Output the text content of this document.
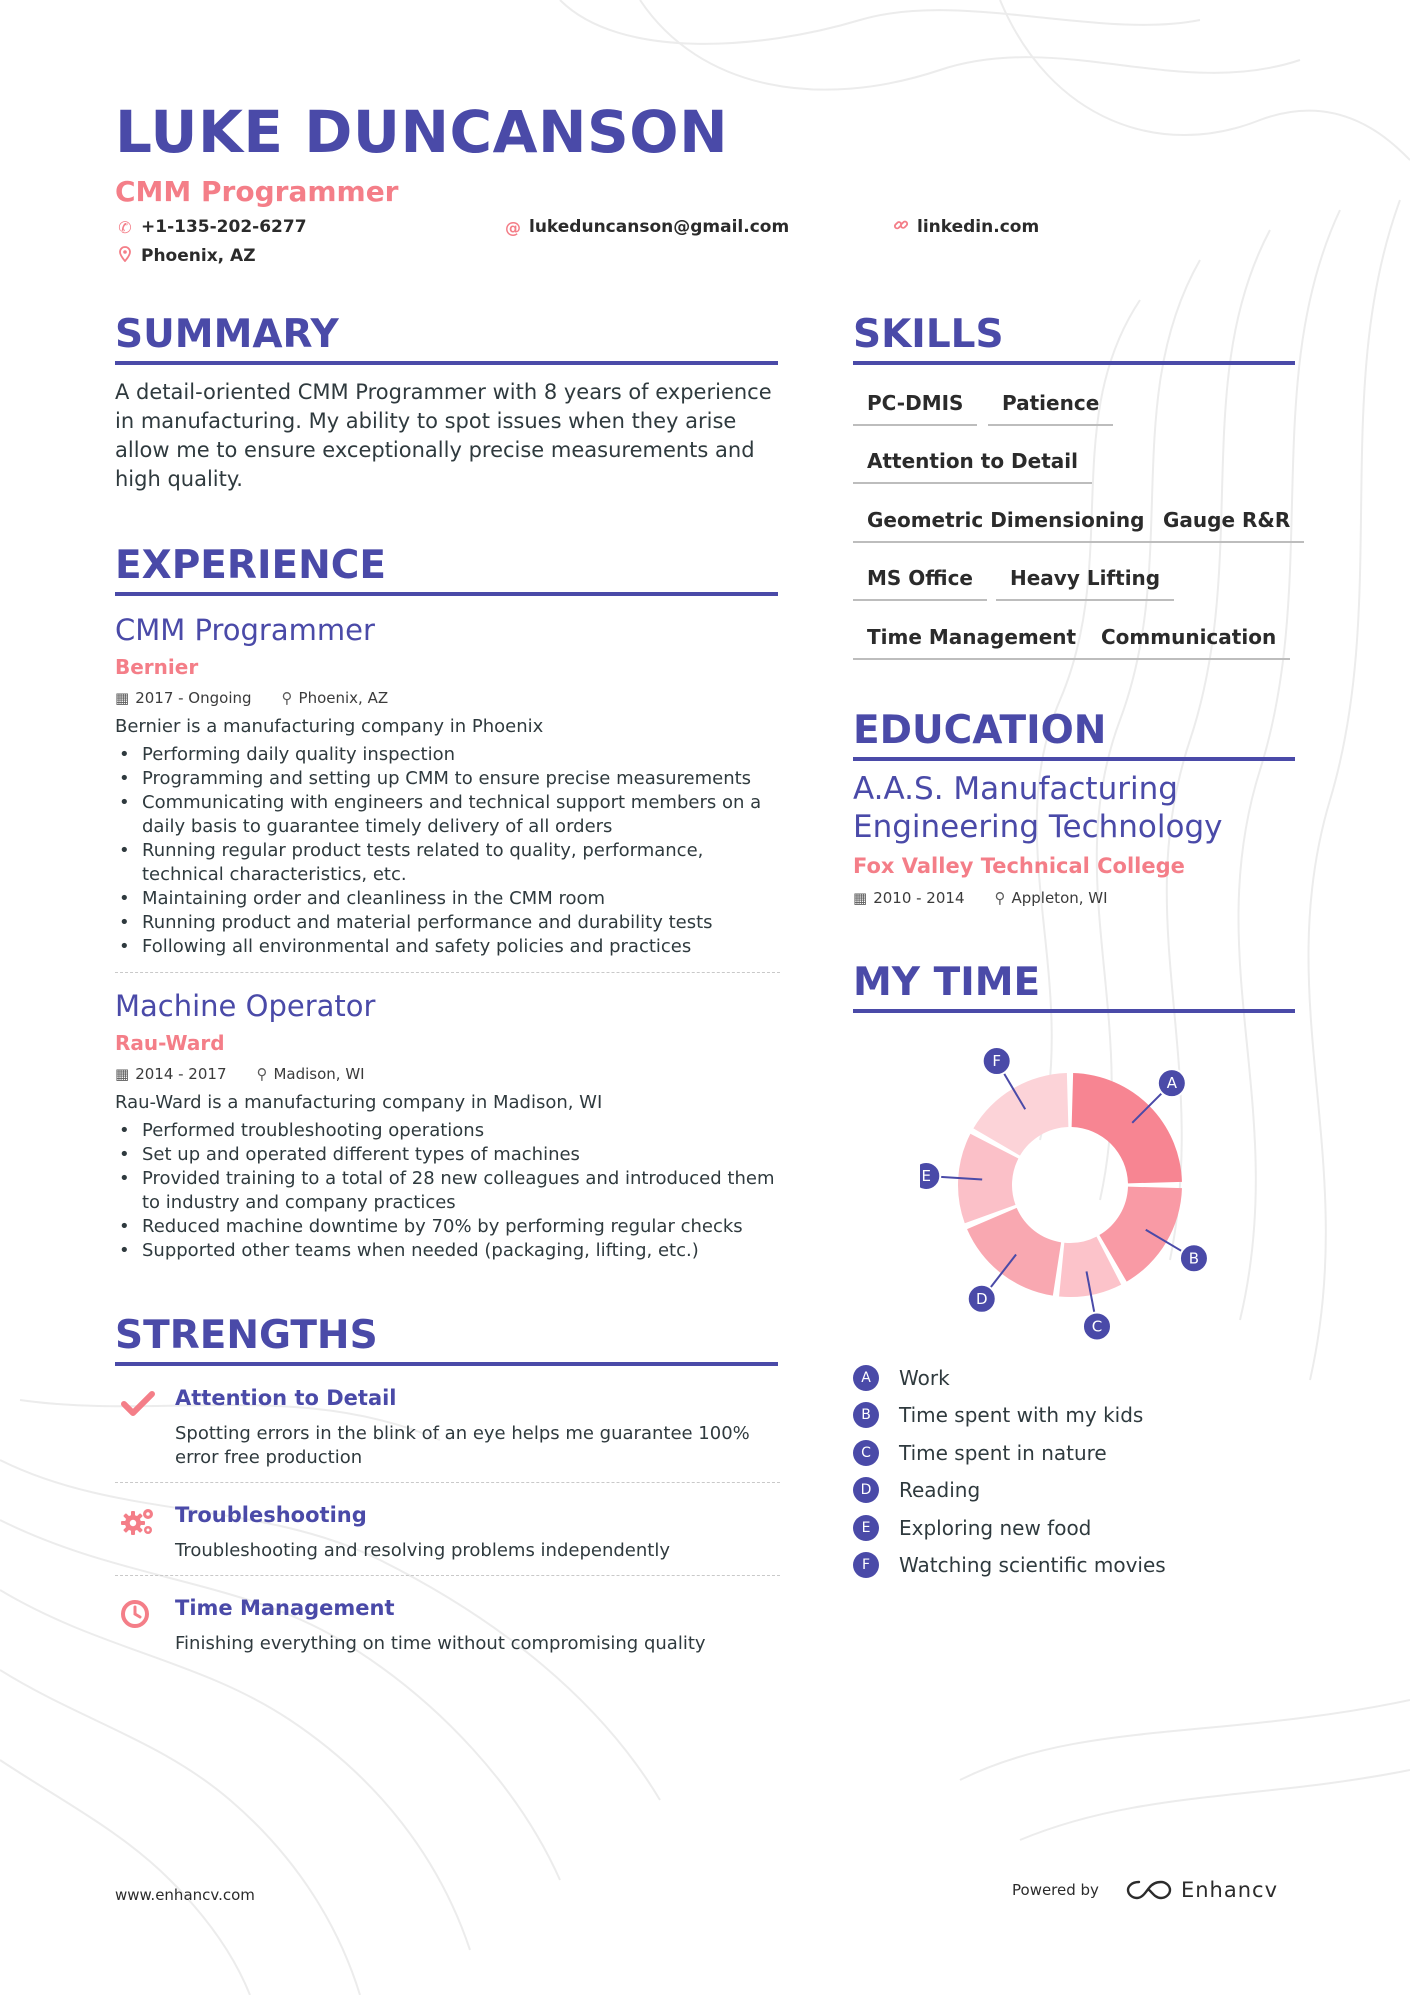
LUKE DUNCANSON
CMM Programmer
✆ +1-135-202-6277	@ lukeduncanson@gmail.com	linkedin.com
Phoenix, AZ
SUMMARY
A detail-oriented CMM Programmer with 8 years of experience in manufacturing. My ability to spot issues when they arise allow me to ensure exceptionally precise measurements and high quality.
EXPERIENCE
CMM Programmer
Bernier
▦ 2017 - Ongoing ⚲ Phoenix, AZ
Bernier is a manufacturing company in Phoenix
• Performing daily quality inspection
• Programming and setting up CMM to ensure precise measurements
• Communicating with engineers and technical support members on a daily basis to guarantee timely delivery of all orders
• Running regular product tests related to quality, performance, technical characteristics, etc.
• Maintaining order and cleanliness in the CMM room
• Running product and material performance and durability tests
• Following all environmental and safety policies and practices
Machine Operator
Rau-Ward
▦ 2014 - 2017 ⚲ Madison, WI
Rau-Ward is a manufacturing company in Madison, WI
• Performed troubleshooting operations
• Set up and operated different types of machines
• Provided training to a total of 28 new colleagues and introduced them to industry and company practices
• Reduced machine downtime by 70% by performing regular checks
• Supported other teams when needed (packaging, lifting, etc.)
STRENGTHS
Attention to Detail
Spotting errors in the blink of an eye helps me guarantee 100% error free production
Troubleshooting
Troubleshooting and resolving problems independently
Time Management
Finishing everything on time without compromising quality
SKILLS
PC-DMIS	Patience
Attention to Detail
Geometric Dimensioning Gauge R&R
MS Office	Heavy Lifting
Time Management	Communication
EDUCATION
A.A.S. Manufacturing Engineering Technology
Fox Valley Technical College
▦ 2010 - 2014 ⚲ Appleton, WI
MY TIME
A
B
C
D
E
F
A	Work
B	Time spent with my kids
C	Time spent in nature
D	Reading
E	Exploring new food
F	Watching scientific movies
www.enhancv.com	Powered by	Enhancv
